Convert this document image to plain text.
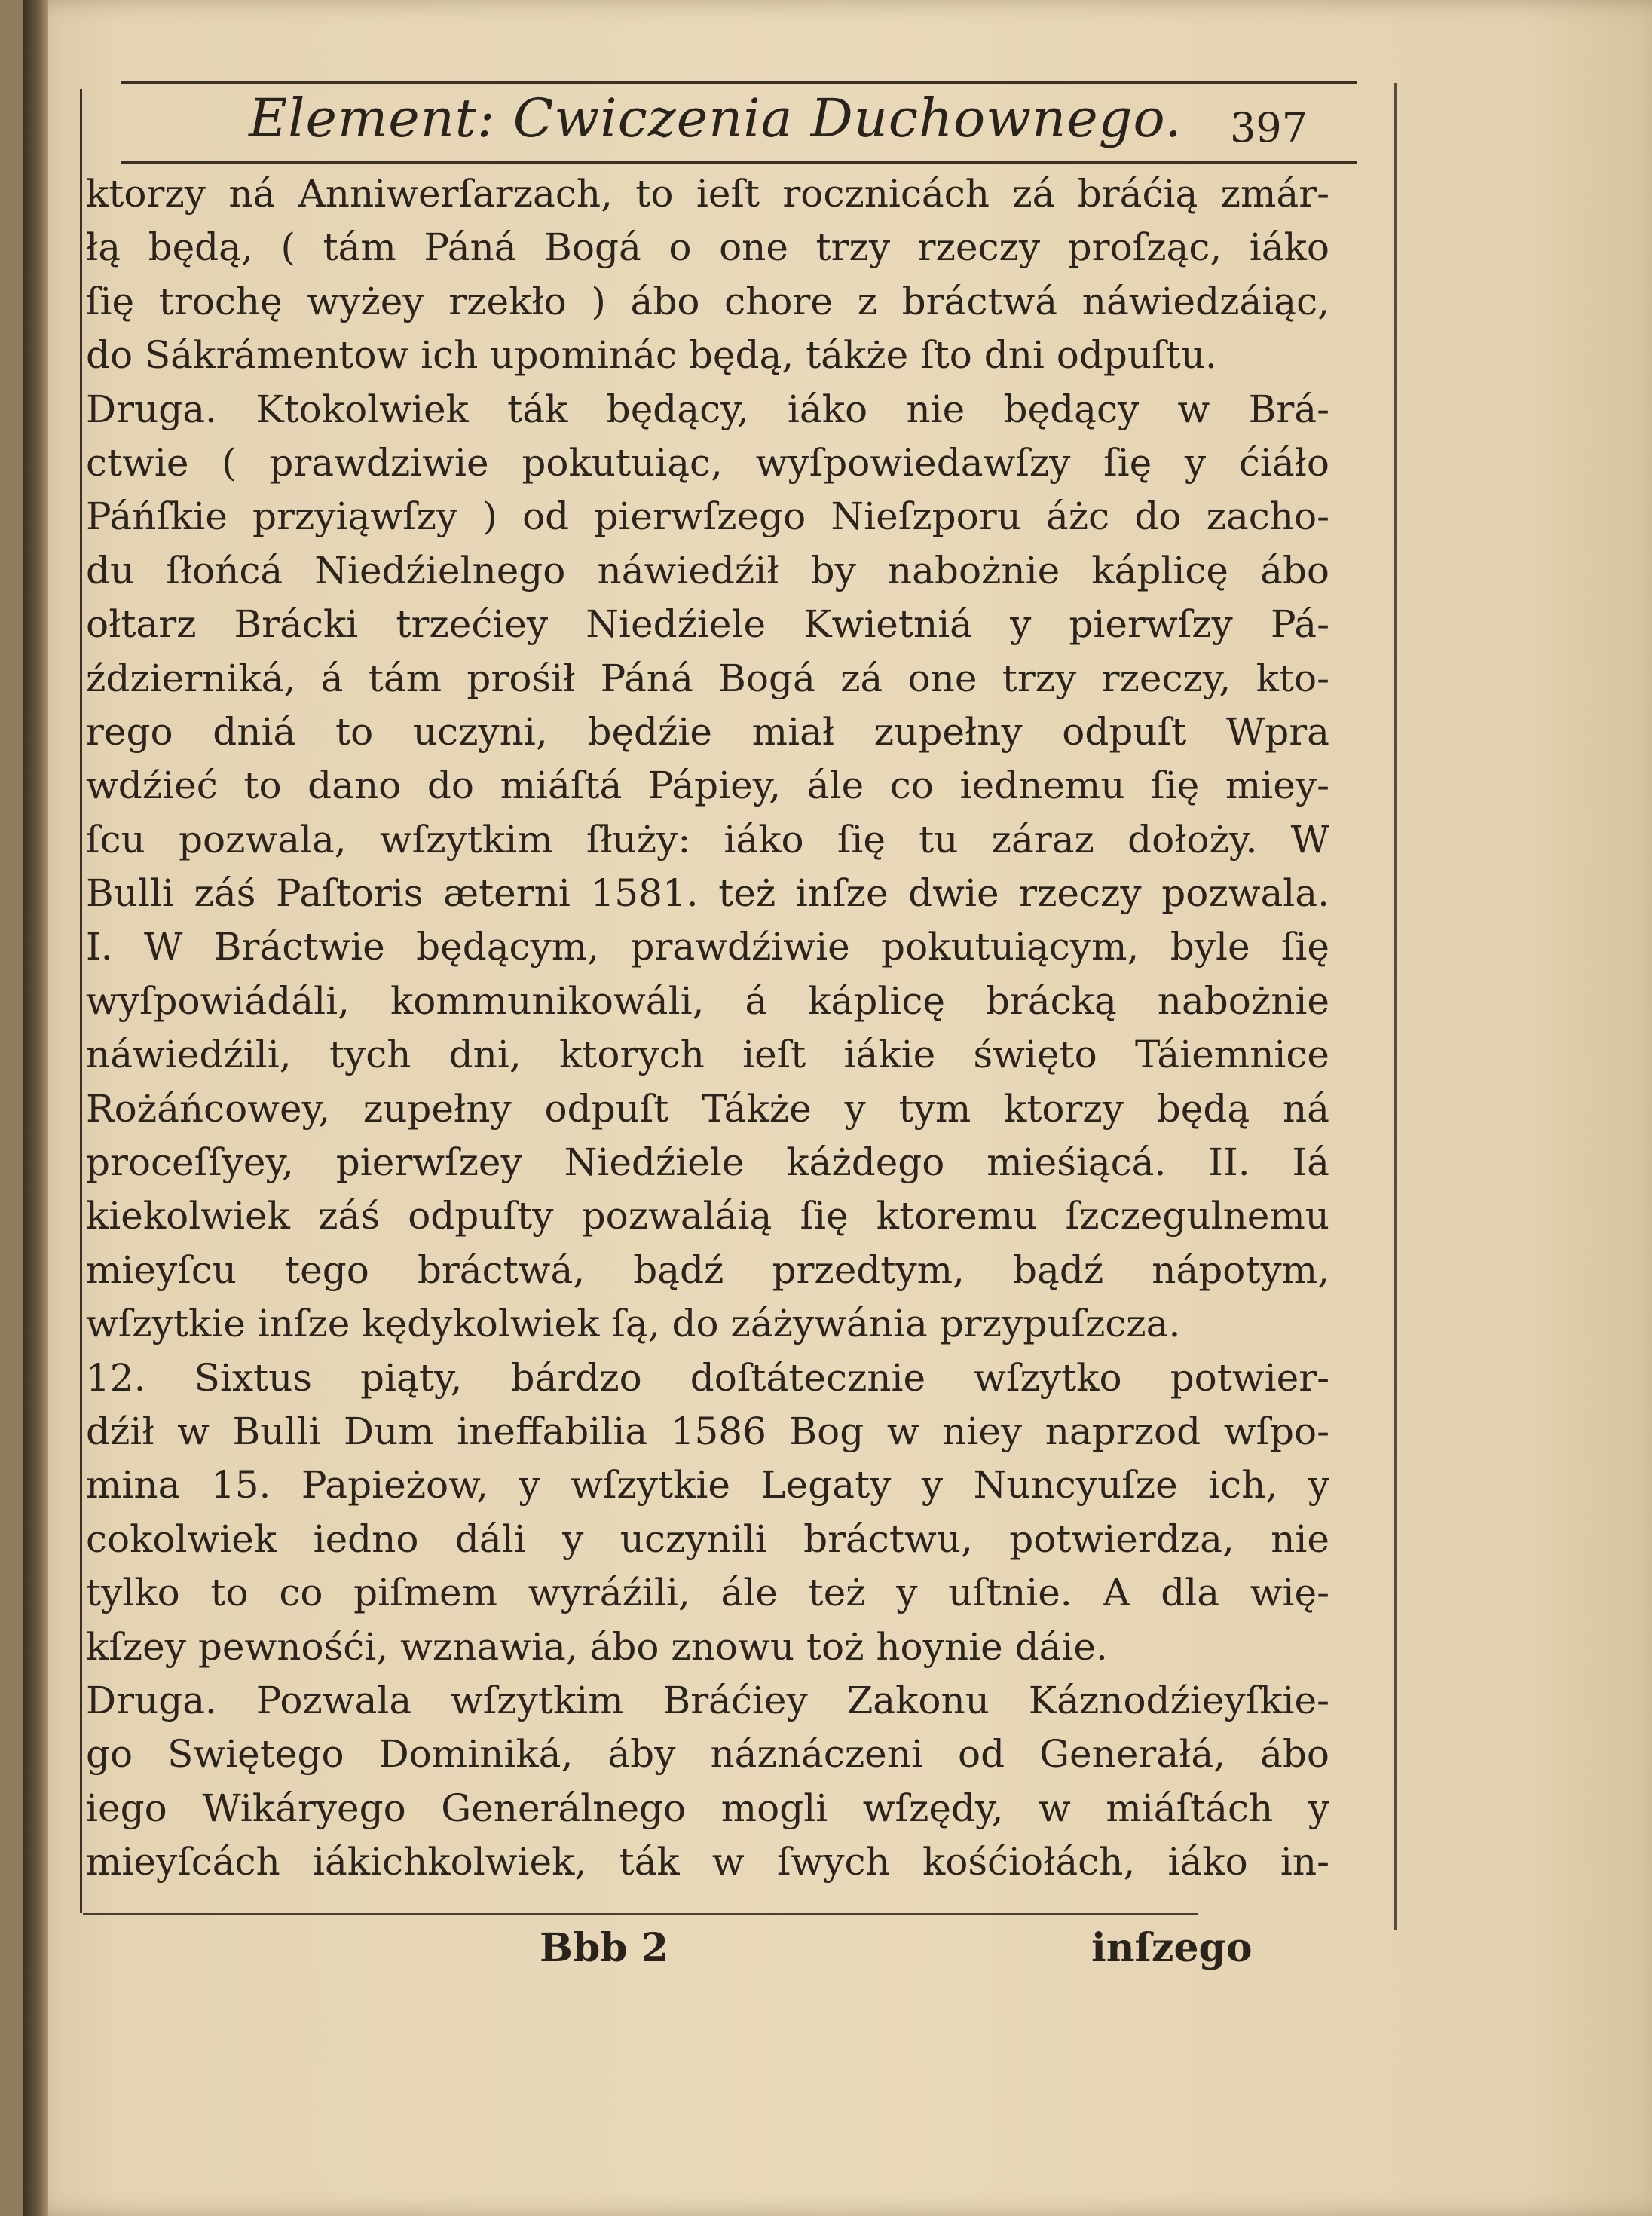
Element: Cwiczenia Duchownego. 397
ktorzy ná Anniwerſarzach, to ieſt rocznicách zá bráćią zmár-
łą będą, ( tám Páná Bogá o one trzy rzeczy proſząc, iáko
ſię trochę wyżey rzekło ) ábo chore z bráctwá náwiedzáiąc,
do Sákrámentow ich upominác będą, tákże ſto dni odpuſtu.
Druga. Ktokolwiek ták będący, iáko nie będący w Brá-
ctwie ( prawdziwie pokutuiąc, wyſpowiedawſzy ſię y ćiáło
Páńſkie przyiąwſzy ) od pierwſzego Nieſzporu áżc do zacho-
du ſłońcá Niedźielnego náwiedźił by nabożnie káplicę ábo
ołtarz Brácki trzećiey Niedźiele Kwietniá y pierwſzy Pá-
ździerniká, á tám prośił Páná Bogá zá one trzy rzeczy, kto-
rego dniá to uczyni, będźie miał zupełny odpuſt Wpra
wdźieć to dano do miáſtá Pápiey, ále co iednemu ſię miey-
ſcu pozwala, wſzytkim ſłuży: iáko ſię tu záraz dołoży. W
Bulli záś Paſtoris æterni 1581. też inſze dwie rzeczy pozwala.
I. W Bráctwie będącym, prawdźiwie pokutuiącym, byle ſię
wyſpowiádáli, kommunikowáli, á káplicę brácką nabożnie
náwiedźili, tych dni, ktorych ieſt iákie święto Táiemnice
Rożáńcowey, zupełny odpuſt Tákże y tym ktorzy będą ná
proceſſyey, pierwſzey Niedźiele káżdego mieśiącá. II. Iá
kiekolwiek záś odpuſty pozwaláią ſię ktoremu ſzczegulnemu
mieyſcu tego bráctwá, bądź przedtym, bądź nápotym,
wſzytkie inſze kędykolwiek ſą, do záżywánia przypuſzcza.
12. Sixtus piąty, bárdzo doſtátecznie wſzytko potwier-
dźił w Bulli Dum ineffabilia 1586 Bog w niey naprzod wſpo-
mina 15. Papieżow, y wſzytkie Legaty y Nuncyuſze ich, y
cokolwiek iedno dáli y uczynili bráctwu, potwierdza, nie
tylko to co piſmem wyráźili, ále też y uſtnie. A dla wię-
kſzey pewnośći, wznawia, ábo znowu toż hoynie dáie.
Druga. Pozwala wſzytkim Bráćiey Zakonu Káznodźieyſkie-
go Swiętego Dominiká, áby náznáczeni od Generałá, ábo
iego Wikáryego Generálnego mogli wſzędy, w miáſtách y
mieyſcách iákichkolwiek, ták w ſwych kośćiołách, iáko in-
Bbb 2	inſzego
